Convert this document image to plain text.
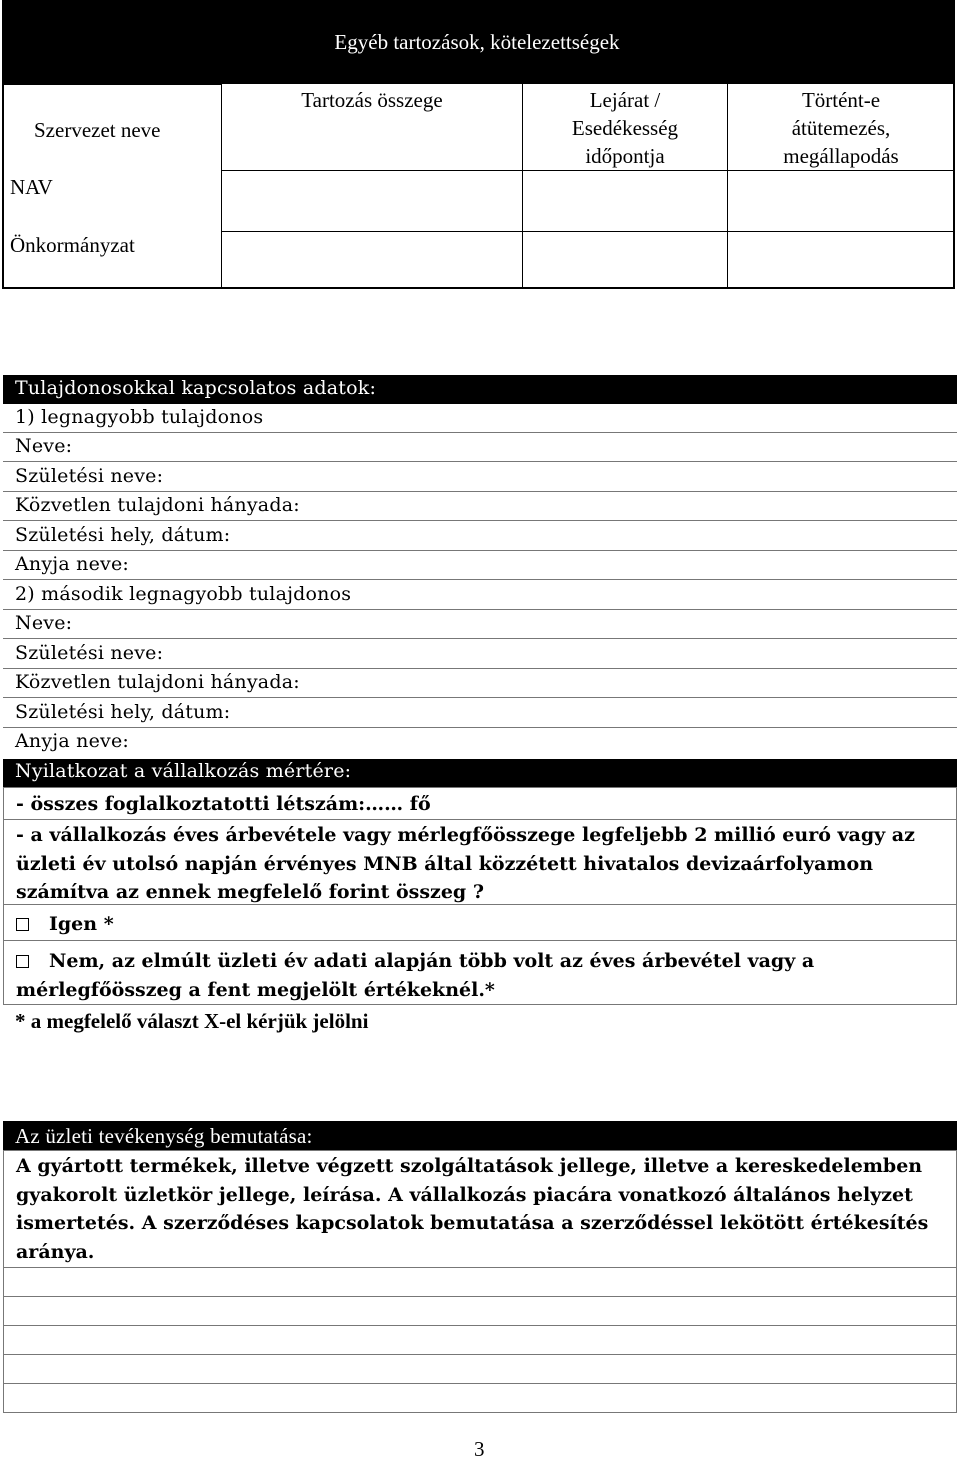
Egyéb tartozások, kötelezettségek
Szervezet neve
Tartozás összege	Lejárat /
Esedékesség
időpontja
Történt-e
átütemezés,
megállapodás
NAV
Önkormányzat
Tulajdonosokkal kapcsolatos adatok:
1) legnagyobb tulajdonos
Neve:
Születési neve:
Közvetlen tulajdoni hányada:
Születési hely, dátum:
Anyja neve:
2) második legnagyobb tulajdonos
Neve:
Születési neve:
Közvetlen tulajdoni hányada:
Születési hely, dátum:
Anyja neve:
Nyilatkozat a vállalkozás mértére:
- összes foglalkoztatotti létszám:…… fő
- a vállalkozás éves árbevétele vagy mérlegfőösszege legfeljebb 2 millió euró vagy az
üzleti év utolsó napján érvényes MNB által közzétett hivatalos devizaárfolyamon
számítva az ennek megfelelő forint összeg ?
Igen *
Nem, az elmúlt üzleti év adati alapján több volt az éves árbevétel vagy a
mérlegfőösszeg a fent megjelölt értékeknél.*
* a megfelelő választ X-el kérjük jelölni
Az üzleti tevékenység bemutatása:
A gyártott termékek, illetve végzett szolgáltatások jellege, illetve a kereskedelemben
gyakorolt üzletkör jellege, leírása. A vállalkozás piacára vonatkozó általános helyzet
ismertetés. A szerződéses kapcsolatok bemutatása a szerződéssel lekötött értékesítés
aránya.
3
